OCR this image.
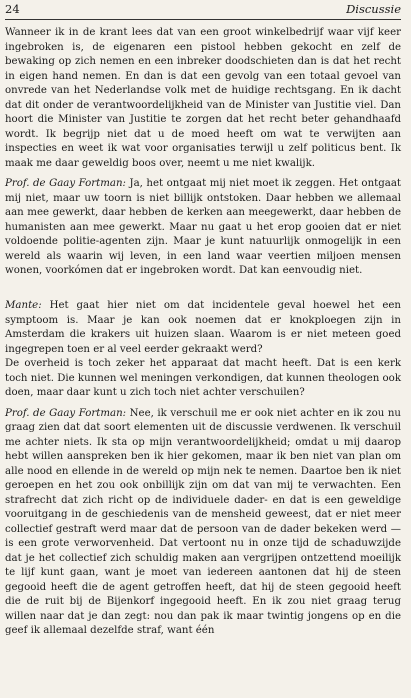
24	Discussie

Wanneer ik in de krant lees dat van een groot winkelbedrijf waar vijf keer ingebroken is, de eigenaren een pistool hebben gekocht en zelf de bewaking op zich nemen en een inbreker doodschieten dan is dat het recht in eigen hand nemen. En dan is dat een gevolg van een totaal gevoel van onvrede van het Nederlandse volk met de huidige rechtsgang. En ik dacht dat dit onder de verantwoordelijkheid van de Minister van Justitie viel. Dan hoort die Minister van Justitie te zorgen dat het recht beter gehandhaafd wordt. Ik begrijp niet dat u de moed heeft om wat te verwijten aan inspecties en weet ik wat voor organisaties terwijl u zelf politicus bent. Ik maak me daar geweldig boos over, neemt u me niet kwalijk.

Prof. de Gaay Fortman: Ja, het ontgaat mij niet moet ik zeggen. Het ontgaat mij niet, maar uw toorn is niet billijk ontstoken. Daar hebben we allemaal aan mee gewerkt, daar hebben de kerken aan meegewerkt, daar hebben de humanisten aan mee gewerkt. Maar nu gaat u het erop gooien dat er niet voldoende politie-agenten zijn. Maar je kunt natuurlijk onmogelijk in een wereld als waarin wij leven, in een land waar veertien miljoen mensen wonen, voorkómen dat er ingebroken wordt. Dat kan eenvoudig niet.

Mante: Het gaat hier niet om dat incidentele geval hoewel het een symptoom is. Maar je kan ook noemen dat er knokploegen zijn in Amsterdam die krakers uit huizen slaan. Waarom is er niet meteen goed ingegrepen toen er al veel eerder gekraakt werd?
De overheid is toch zeker het apparaat dat macht heeft. Dat is een kerk toch niet. Die kunnen wel meningen verkondigen, dat kunnen theologen ook doen, maar daar kunt u zich toch niet achter verschuilen?

Prof. de Gaay Fortman: Nee, ik verschuil me er ook niet achter en ik zou nu graag zien dat dat soort elementen uit de discussie verdwenen. Ik verschuil me achter niets. Ik sta op mijn verantwoordelijkheid; omdat u mij daarop hebt willen aanspreken ben ik hier gekomen, maar ik ben niet van plan om alle nood en ellende in de wereld op mijn nek te nemen. Daartoe ben ik niet geroepen en het zou ook onbillijk zijn om dat van mij te verwachten. Een strafrecht dat zich richt op de individuele dader- en dat is een geweldige vooruitgang in de geschiedenis van de mensheid geweest, dat er niet meer collectief gestraft werd maar dat de persoon van de dader bekeken werd — is een grote verworvenheid. Dat vertoont nu in onze tijd de schaduwzijde dat je het collectief zich schuldig maken aan vergrijpen ontzettend moeilijk te lijf kunt gaan, want je moet van iedereen aantonen dat hij de steen gegooid heeft die de agent getroffen heeft, dat hij de steen gegooid heeft die de ruit bij de Bijenkorf ingegooid heeft. En ik zou niet graag terug willen naar dat je dan zegt: nou dan pak ik maar twintig jongens op en die geef ik allemaal dezelfde straf, want één
